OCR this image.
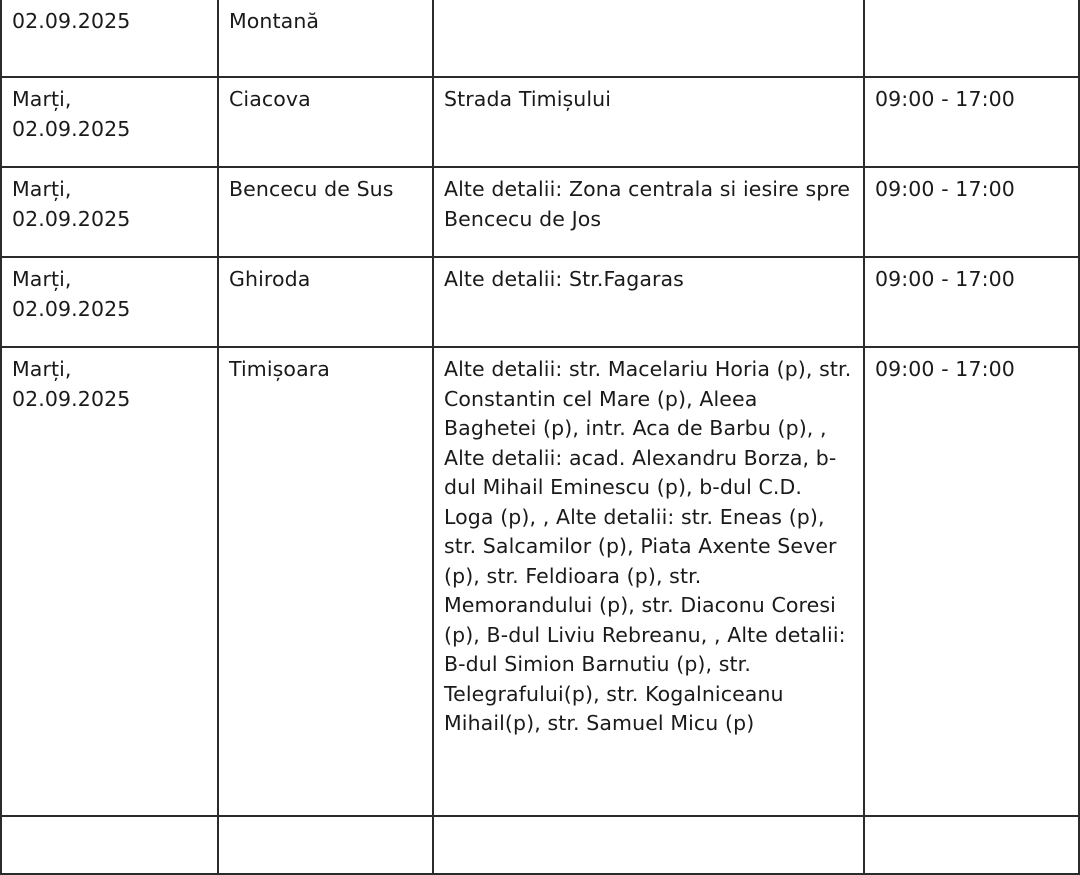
02.09.2025	Montană		

Marți,
02.09.2025	Ciacova	Strada Timișului	09:00 - 17:00

Marți,
02.09.2025	Bencecu de Sus	Alte detalii: Zona centrala si iesire spre Bencecu de Jos	09:00 - 17:00

Marți,
02.09.2025	Ghiroda	Alte detalii: Str.Fagaras	09:00 - 17:00

Marți,
02.09.2025	Timișoara	Alte detalii: str. Macelariu Horia (p), str. Constantin cel Mare (p), Aleea Baghetei (p), intr. Aca de Barbu (p), , Alte detalii: acad. Alexandru Borza, b-dul Mihail Eminescu (p), b-dul C.D. Loga (p), , Alte detalii: str. Eneas (p), str. Salcamilor (p), Piata Axente Sever (p), str. Feldioara (p), str. Memorandului (p), str. Diaconu Coresi (p), B-dul Liviu Rebreanu, , Alte detalii: B-dul Simion Barnutiu (p), str. Telegrafului(p), str. Kogalniceanu Mihail(p), str. Samuel Micu (p)	09:00 - 17:00
